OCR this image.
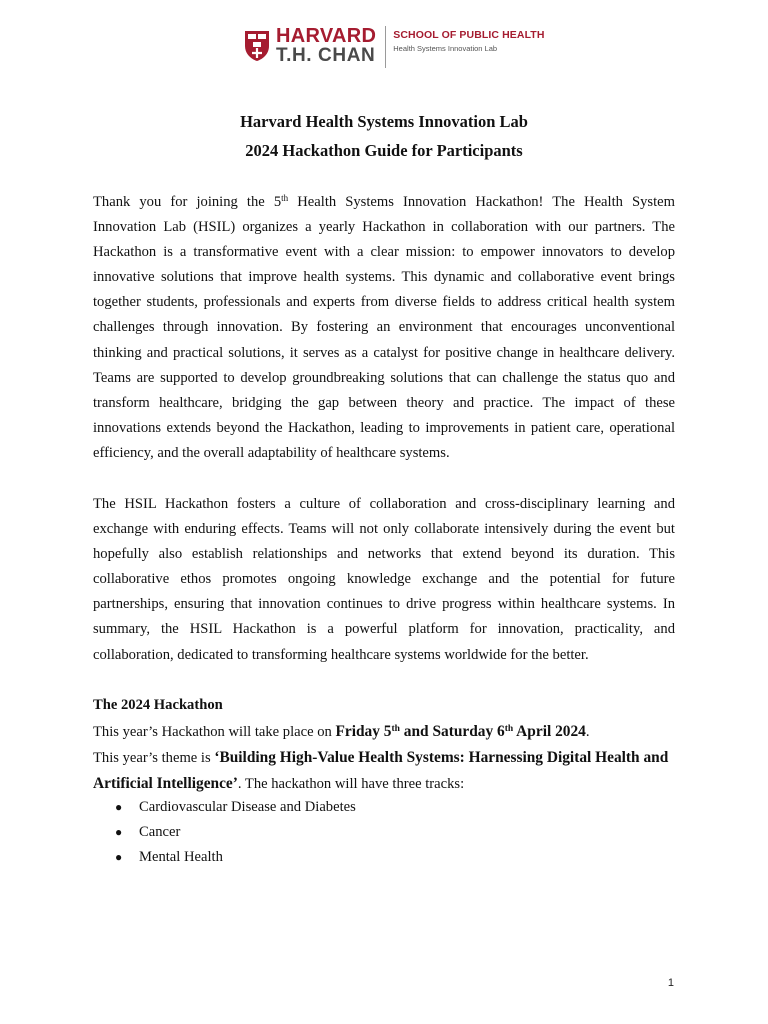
HARVARD
T.H. CHAN
SCHOOL OF PUBLIC HEALTH
Health Systems Innovation Lab
Harvard Health Systems Innovation Lab
2024 Hackathon Guide for Participants

Thank you for joining the 5th Health Systems Innovation Hackathon! The Health System Innovation Lab (HSIL) organizes a yearly Hackathon in collaboration with our partners. The Hackathon is a transformative event with a clear mission: to empower innovators to develop innovative solutions that improve health systems. This dynamic and collaborative event brings together students, professionals and experts from diverse fields to address critical health system challenges through innovation. By fostering an environment that encourages unconventional thinking and practical solutions, it serves as a catalyst for positive change in healthcare delivery. Teams are supported to develop groundbreaking solutions that can challenge the status quo and transform healthcare, bridging the gap between theory and practice. The impact of these innovations extends beyond the Hackathon, leading to improvements in patient care, operational efficiency, and the overall adaptability of healthcare systems.

The HSIL Hackathon fosters a culture of collaboration and cross-disciplinary learning and exchange with enduring effects. Teams will not only collaborate intensively during the event but hopefully also establish relationships and networks that extend beyond its duration. This collaborative ethos promotes ongoing knowledge exchange and the potential for future partnerships, ensuring that innovation continues to drive progress within healthcare systems. In summary, the HSIL Hackathon is a powerful platform for innovation, practicality, and collaboration, dedicated to transforming healthcare systems worldwide for the better.

The 2024 Hackathon
This year’s Hackathon will take place on Friday 5th and Saturday 6th April 2024.

This year’s theme is ‘Building High-Value Health Systems: Harnessing Digital Health and Artificial Intelligence’. The hackathon will have three tracks:

● Cardiovascular Disease and Diabetes
● Cancer
● Mental Health
1
